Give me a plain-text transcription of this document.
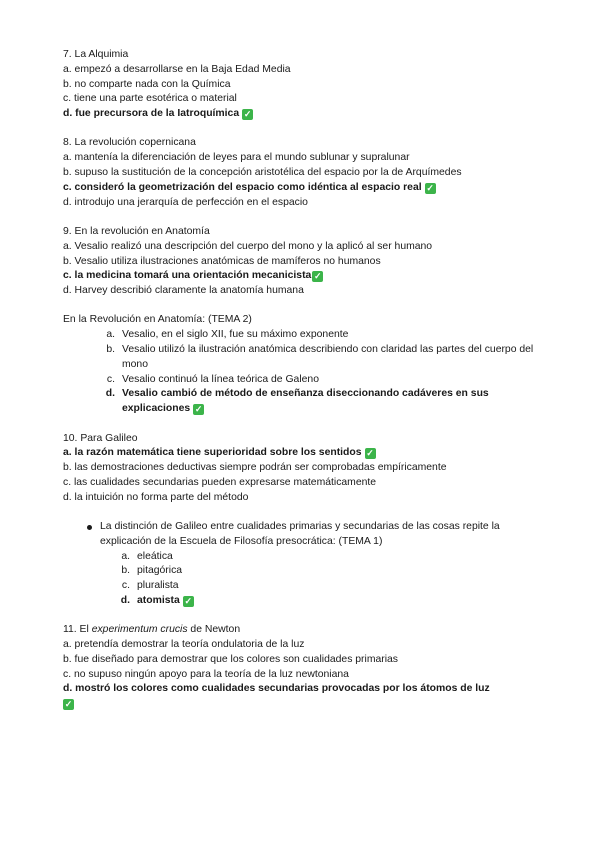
7. La Alquimia
a. empezó a desarrollarse en la Baja Edad Media
b. no comparte nada con la Química
c. tiene una parte esotérica o material
d. fue precursora de la Iatroquímica ✓
8. La revolución copernicana
a. mantenía la diferenciación de leyes para el mundo sublunar y supralunar
b. supuso la sustitución de la concepción aristotélica del espacio por la de Arquímedes
c. consideró la geometrización del espacio como idéntica al espacio real ✓
d. introdujo una jerarquía de perfección en el espacio
9. En la revolución en Anatomía
a. Vesalio realizó una descripción del cuerpo del mono y la aplicó al ser humano
b. Vesalio utiliza ilustraciones anatómicas de mamíferos no humanos
c. la medicina tomará una orientación mecanicista ✓
d. Harvey describió claramente la anatomía humana
En la Revolución en Anatomía: (TEMA 2)
a. Vesalio, en el siglo XII, fue su máximo exponente
b. Vesalio utilizó la ilustración anatómica describiendo con claridad las partes del cuerpo del mono
c. Vesalio continuó la línea teórica de Galeno
d. Vesalio cambió de método de enseñanza diseccionando cadáveres en sus explicaciones ✓
10. Para Galileo
a. la razón matemática tiene superioridad sobre los sentidos ✓
b. las demostraciones deductivas siempre podrán ser comprobadas empíricamente
c. las cualidades secundarias pueden expresarse matemáticamente
d. la intuición no forma parte del método
La distinción de Galileo entre cualidades primarias y secundarias de las cosas repite la explicación de la Escuela de Filosofía presocrática: (TEMA 1)
a. eleática
b. pitagórica
c. pluralista
d. atomista ✓
11. El experimentum crucis de Newton
a. pretendía demostrar la teoría ondulatoria de la luz
b. fue diseñado para demostrar que los colores son cualidades primarias
c. no supuso ningún apoyo para la teoría de la luz newtoniana
d. mostró los colores como cualidades secundarias provocadas por los átomos de luz
✓
